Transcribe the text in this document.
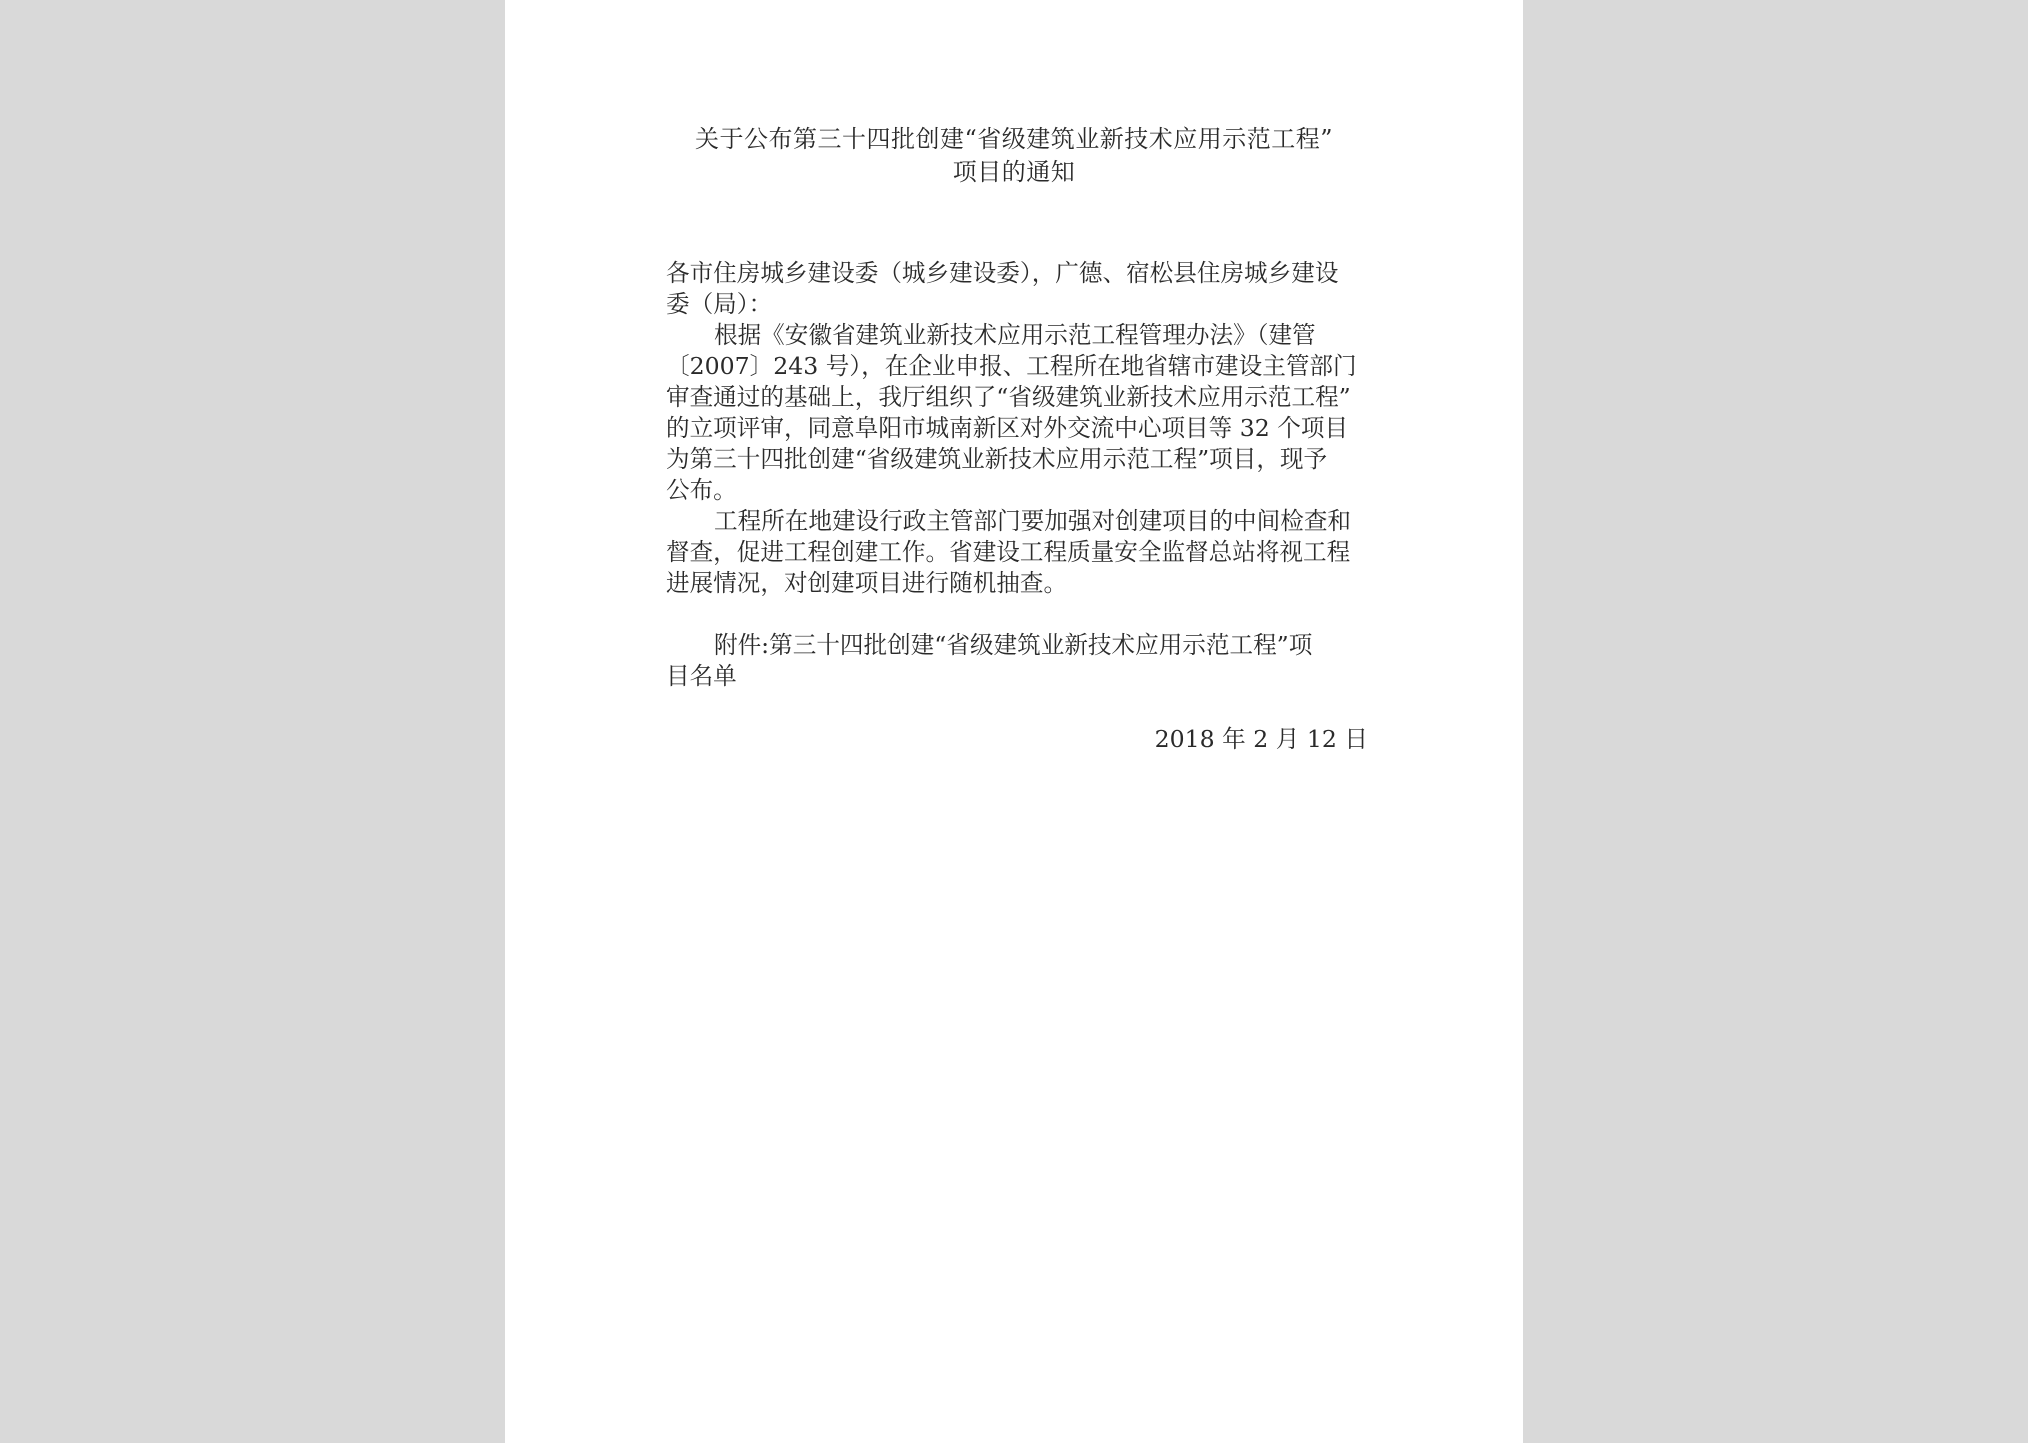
关于公布第三十四批创建“省级建筑业新技术应用示范工程”
项目的通知
各市住房城乡建设委（城乡建设委），广德、宿松县住房城乡建设
委（局）：
根据《安徽省建筑业新技术应用示范工程管理办法》（建管
〔2007〕243 号），在企业申报、工程所在地省辖市建设主管部门
审查通过的基础上，我厅组织了“省级建筑业新技术应用示范工程”
的立项评审，同意阜阳市城南新区对外交流中心项目等 32 个项目
为第三十四批创建“省级建筑业新技术应用示范工程”项目，现予
公布。
工程所在地建设行政主管部门要加强对创建项目的中间检查和
督查，促进工程创建工作。省建设工程质量安全监督总站将视工程
进展情况，对创建项目进行随机抽查。
附件:第三十四批创建“省级建筑业新技术应用示范工程”项
目名单
2018 年 2 月 12 日
